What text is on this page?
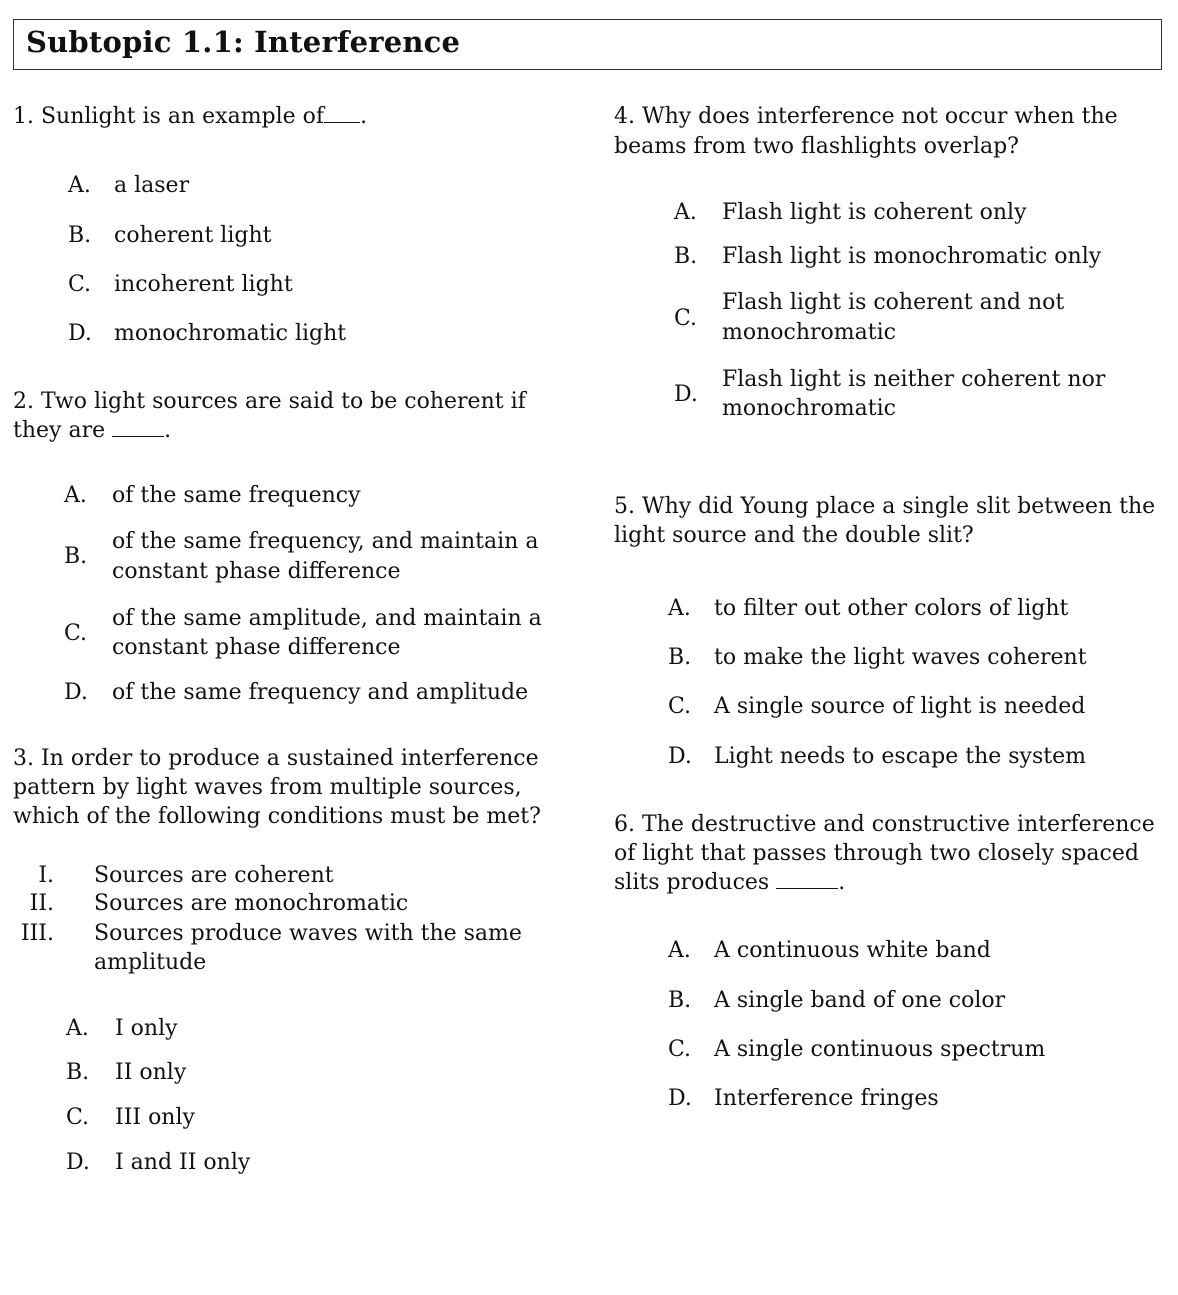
Subtopic 1.1: Interference
1. Sunlight is an example of .
A.	a laser
B.	coherent light
C.	incoherent light
D. monochromatic light
2. Two light sources are said to be coherent if
they are	.
A.	of the same frequency
B.
of the same frequency, and maintain a
constant phase difference
C.
of the same amplitude, and maintain a
constant phase difference
D. of the same frequency and amplitude
3. In order to produce a sustained interference
pattern by light waves from multiple sources,
which of the following conditions must be met?
I. Sources are coherent
II. Sources are monochromatic
III. Sources produce waves with the same
amplitude
A.	I only
B.	II only
C.	III only
D. I and II only
4. Why does interference not occur when the
beams from two flashlights overlap?
A.	Flash light is coherent only
B.	Flash light is monochromatic only
C.
Flash light is coherent and not
monochromatic
D.
Flash light is neither coherent nor
monochromatic
5. Why did Young place a single slit between the
light source and the double slit?
A.	to filter out other colors of light
B.	to make the light waves coherent
C.	A single source of light is needed
D. Light needs to escape the system
6. The destructive and constructive interference
of light that passes through two closely spaced
slits produces	.
A.	A continuous white band
B.	A single band of one color
C.	A single continuous spectrum
D. Interference fringes
